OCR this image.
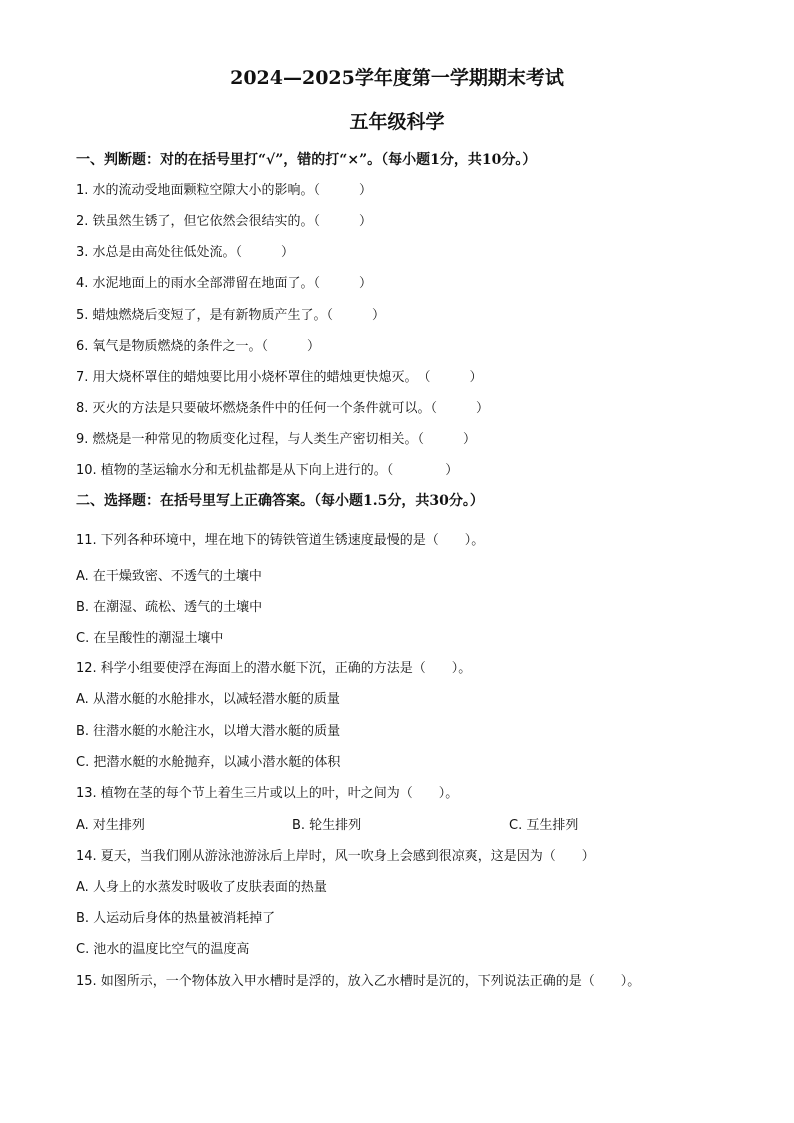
2024—2025学年度第一学期期末考试
五年级科学
一、判断题：对的在括号里打“√”，错的打“×”。（每小题1分，共10分。）
1. 水的流动受地面颗粒空隙大小的影响。（　　　）
2. 铁虽然生锈了，但它依然会很结实的。（　　　）
3. 水总是由高处往低处流。（　　　）
4. 水泥地面上的雨水全部滞留在地面了。（　　　）
5. 蜡烛燃烧后变短了，是有新物质产生了。（　　　）
6. 氧气是物质燃烧的条件之一。（　　　）
7. 用大烧杯罩住的蜡烛要比用小烧杯罩住的蜡烛更快熄灭。　（　　　）
8. 灭火的方法是只要破坏燃烧条件中的任何一个条件就可以。（　　　）
9. 燃烧是一种常见的物质变化过程，与人类生产密切相关。（　　　）
10. 植物的茎运输水分和无机盐都是从下向上进行的。（　　　　）
二、选择题：在括号里写上正确答案。（每小题1.5分，共30分。）
11. 下列各种环境中，埋在地下的铸铁管道生锈速度最慢的是（　　）。
A. 在干燥致密、不透气的土壤中
B. 在潮湿、疏松、透气的土壤中
C. 在呈酸性的潮湿土壤中
12. 科学小组要使浮在海面上的潜水艇下沉，正确的方法是（　　）。
A. 从潜水艇的水舱排水，以减轻潜水艇的质量
B. 往潜水艇的水舱注水，以增大潜水艇的质量
C. 把潜水艇的水舱抛弃，以减小潜水艇的体积
13. 植物在茎的每个节上着生三片或以上的叶，叶之间为（　　）。
A. 对生排列	B. 轮生排列	C. 互生排列
14. 夏天，当我们刚从游泳池游泳后上岸时，风一吹身上会感到很凉爽，这是因为（　　）
A. 人身上的水蒸发时吸收了皮肤表面的热量
B. 人运动后身体的热量被消耗掉了
C. 池水的温度比空气的温度高
15. 如图所示，一个物体放入甲水槽时是浮的，放入乙水槽时是沉的，下列说法正确的是（　　）。
